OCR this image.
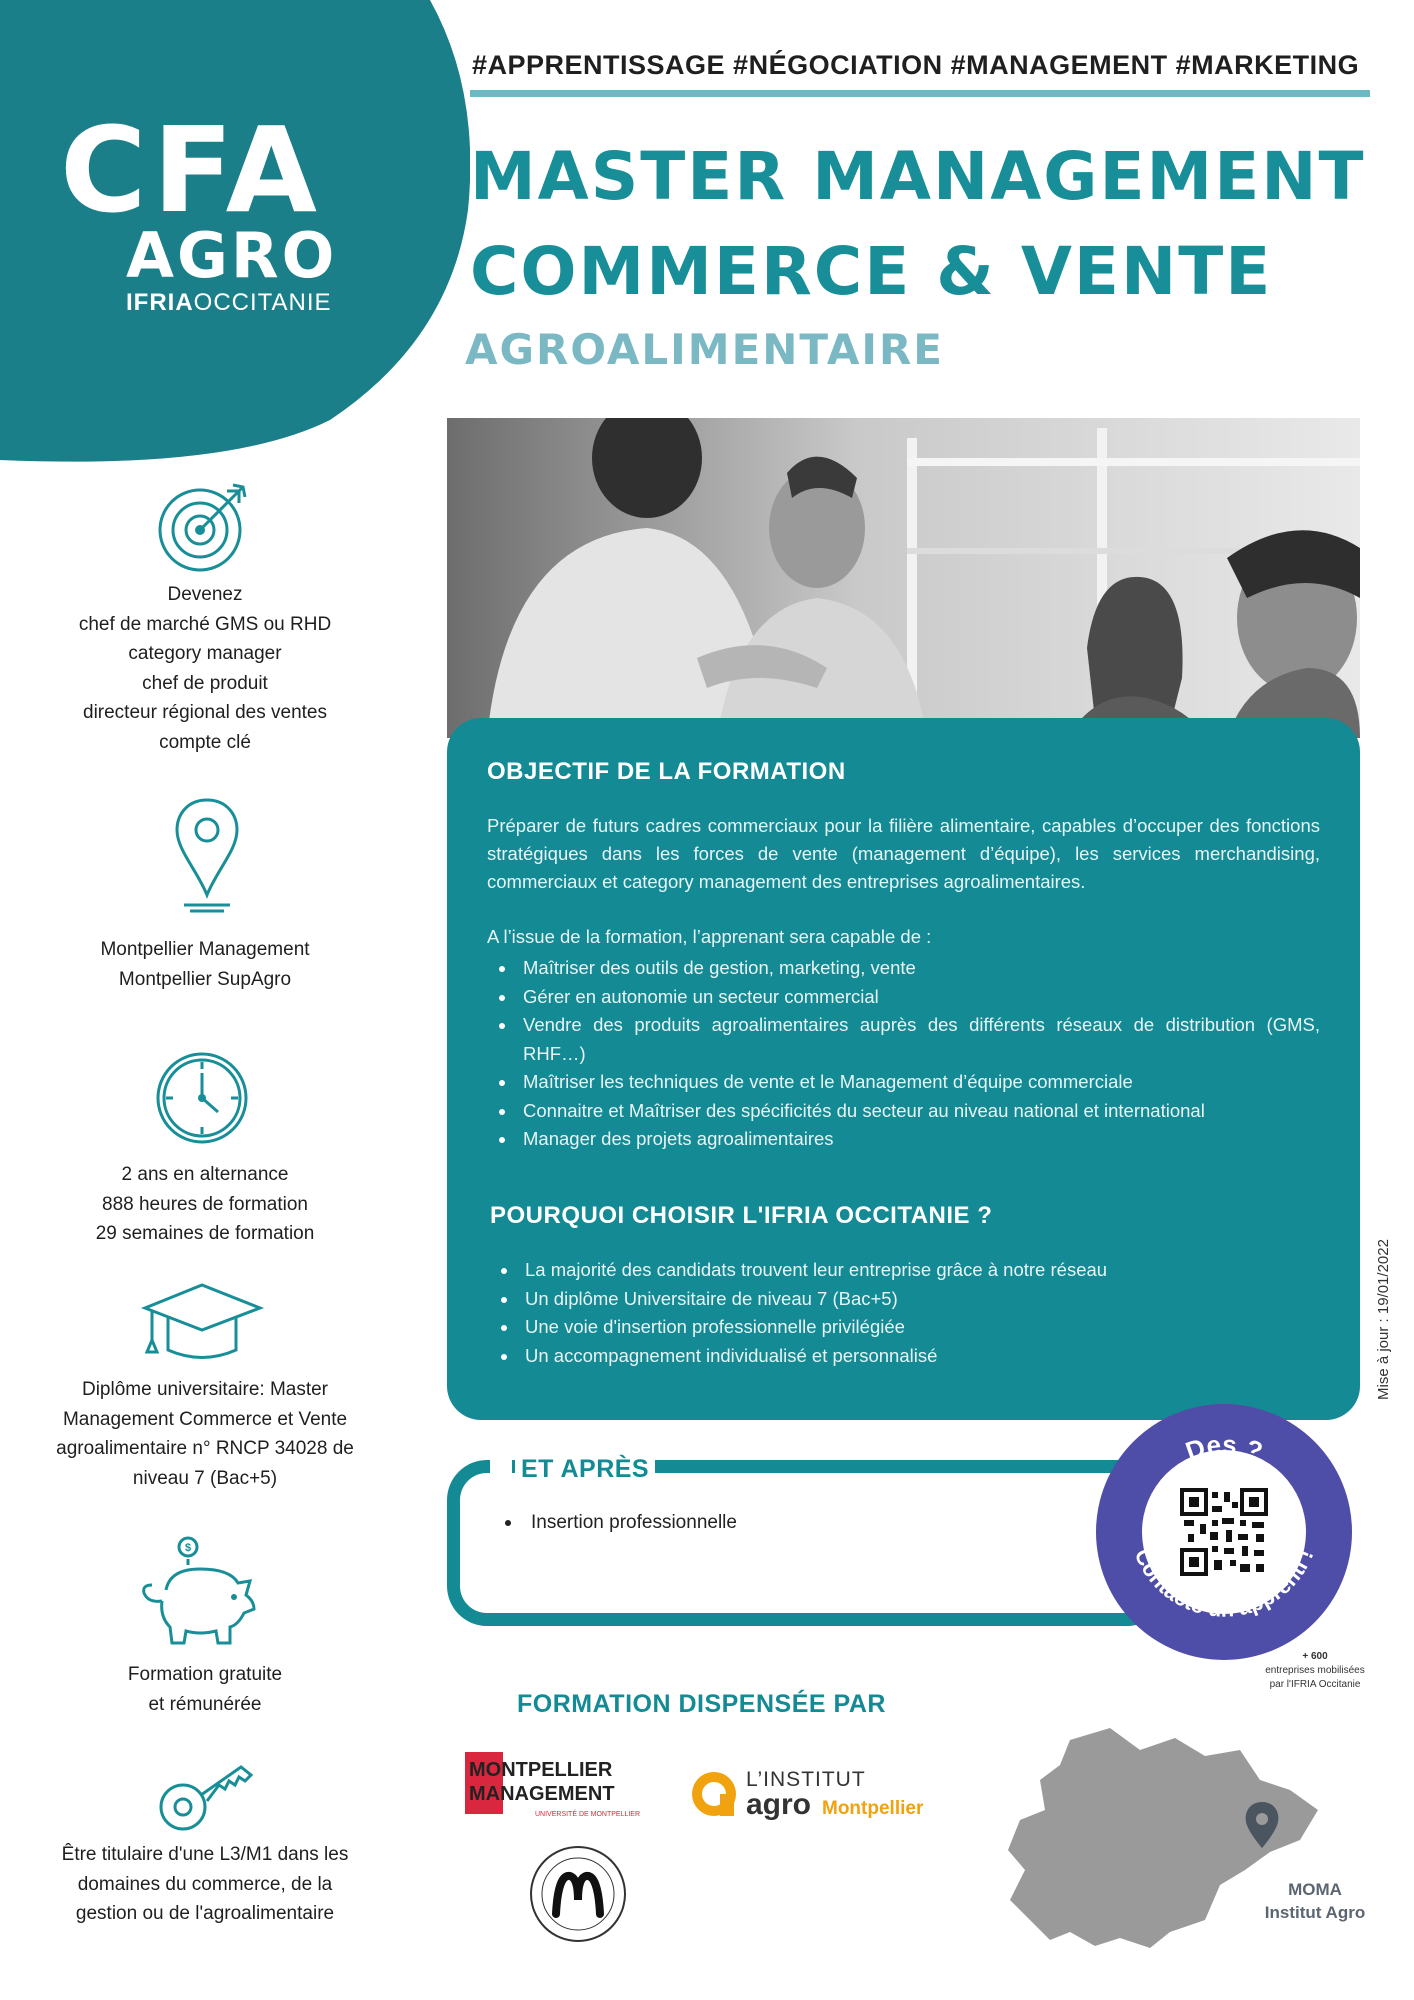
CFA
AGRO
IFRIAOCCITANIE
#APPRENTISSAGE #NÉGOCIATION #MANAGEMENT #MARKETING
MASTER MANAGEMENT
COMMERCE & VENTE
AGROALIMENTAIRE
OBJECTIF DE LA FORMATION

Préparer de futurs cadres commerciaux pour la filière alimentaire, capables d’occuper des fonctions stratégiques dans les forces de vente (management d’équipe), les services merchandising, commerciaux et category management des entreprises agroalimentaires.

A l’issue de la formation, l’apprenant sera capable de :
Maîtriser des outils de gestion, marketing, vente
Gérer en autonomie un secteur commercial
Vendre des produits agroalimentaires auprès des différents réseaux de distribution (GMS, RHF…)
Maîtriser les techniques de vente et le Management d’équipe commerciale
Connaitre et Maîtriser des spécificités du secteur au niveau national et international
Manager des projets agroalimentaires
POURQUOI CHOISIR L'IFRIA OCCITANIE ?
La majorité des candidats trouvent leur entreprise grâce à notre réseau
Un diplôme Universitaire de niveau 7 (Bac+5)
Une voie d'insertion professionnelle privilégiée
Un accompagnement individualisé et personnalisé
ET APRÈS
Insertion professionnelle
Des ?
Contacte un apprenti !
Mise à jour : 19/01/2022
Devenez
chef de marché GMS ou RHD
category manager
chef de produit
directeur régional des ventes
compte clé
Montpellier Management
Montpellier SupAgro
2 ans en alternance
888 heures de formation
29 semaines de formation
Diplôme universitaire: Master
Management Commerce et Vente
agroalimentaire n° RNCP 34028 de
niveau 7 (Bac+5)
$
Formation gratuite
et rémunérée
Être titulaire d'une L3/M1 dans les
domaines du commerce, de la
gestion ou de l'agroalimentaire
FORMATION DISPENSÉE PAR
MONTPELLIER
MANAGEMENT
UNIVERSITÉ DE MONTPELLIER
L’INSTITUT
agro Montpellier
+ 600
entreprises mobilisées par l'IFRIA Occitanie
MOMA
Institut Agro
